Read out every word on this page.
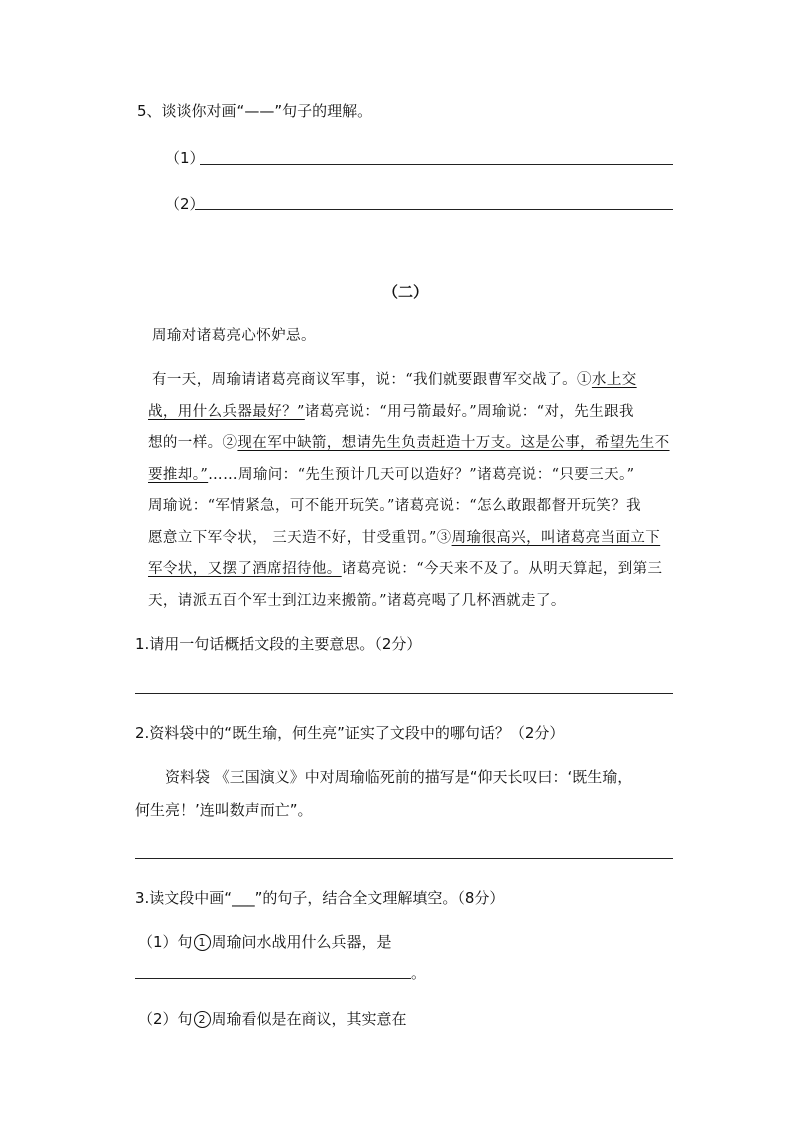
5、谈谈你对画“——”句子的理解。
（1）
（2）
（二）
周瑜对诸葛亮心怀妒忌。
有一天，周瑜请诸葛亮商议军事，说：“我们就要跟曹军交战了。①水上交
战，用什么兵器最好？”诸葛亮说：“用弓箭最好。”周瑜说：“对，先生跟我
想的一样。②现在军中缺箭，想请先生负责赶造十万支。这是公事，希望先生不
要推却。”……周瑜问：“先生预计几天可以造好？”诸葛亮说：“只要三天。”
周瑜说：“军情紧急，可不能开玩笑。”诸葛亮说：“怎么敢跟都督开玩笑？我
愿意立下军令状， 三天造不好，甘受重罚。”③周瑜很高兴，叫诸葛亮当面立下
军令状，又摆了酒席招待他。诸葛亮说：“今天来不及了。从明天算起，到第三
天，请派五百个军士到江边来搬箭。”诸葛亮喝了几杯酒就走了。
1.请用一句话概括文段的主要意思。（2分）
2.资料袋中的“既生瑜，何生亮”证实了文段中的哪句话？（2分）
资料袋 《三国演义》中对周瑜临死前的描写是“仰天长叹曰：‘既生瑜，
何生亮！’连叫数声而亡”。
3.读文段中画“___”的句子，结合全文理解填空。（8分）
（1）句 1 周瑜问水战用什么兵器，是
。
（2）句 2 周瑜看似是在商议，其实意在
